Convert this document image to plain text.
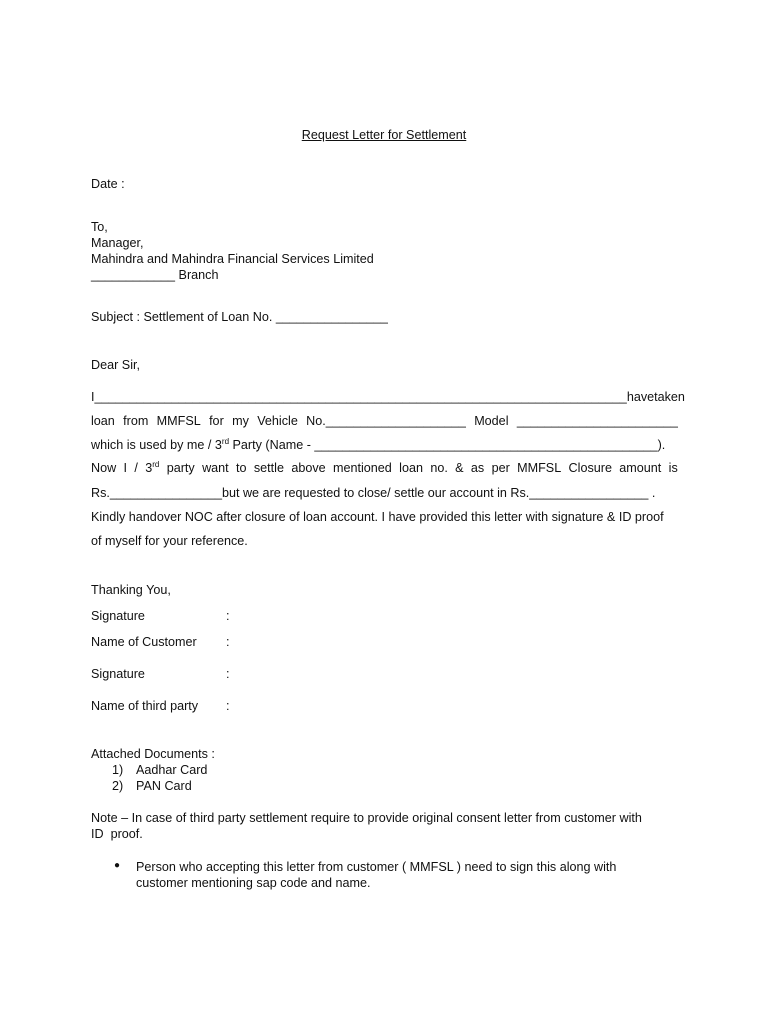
Request Letter for Settlement
Date :
To,
Manager,
Mahindra and Mahindra Financial Services Limited
____________ Branch
Subject : Settlement of Loan No. ________________
Dear Sir,
I ____________________________________________________________________________ have taken
loan from MMFSL for my Vehicle No.____________________ Model _______________________
which is used by me / 3rd Party (Name - _________________________________________________).
Now I / 3rd party want to settle above mentioned loan no. & as per MMFSL Closure amount is
Rs.________________but we are requested to close/ settle our account in Rs._________________ .
Kindly handover NOC after closure of loan account. I have provided this letter with signature & ID proof
of myself for your reference.
Thanking You,
Signature	:
Name of Customer :
Signature	:
Name of third party :
Attached Documents :
1) Aadhar Card
2) PAN Card
Note – In case of third party settlement require to provide original consent letter from customer with
ID  proof.
● Person who accepting this letter from customer ( MMFSL ) need to sign this along with
customer mentioning sap code and name.
